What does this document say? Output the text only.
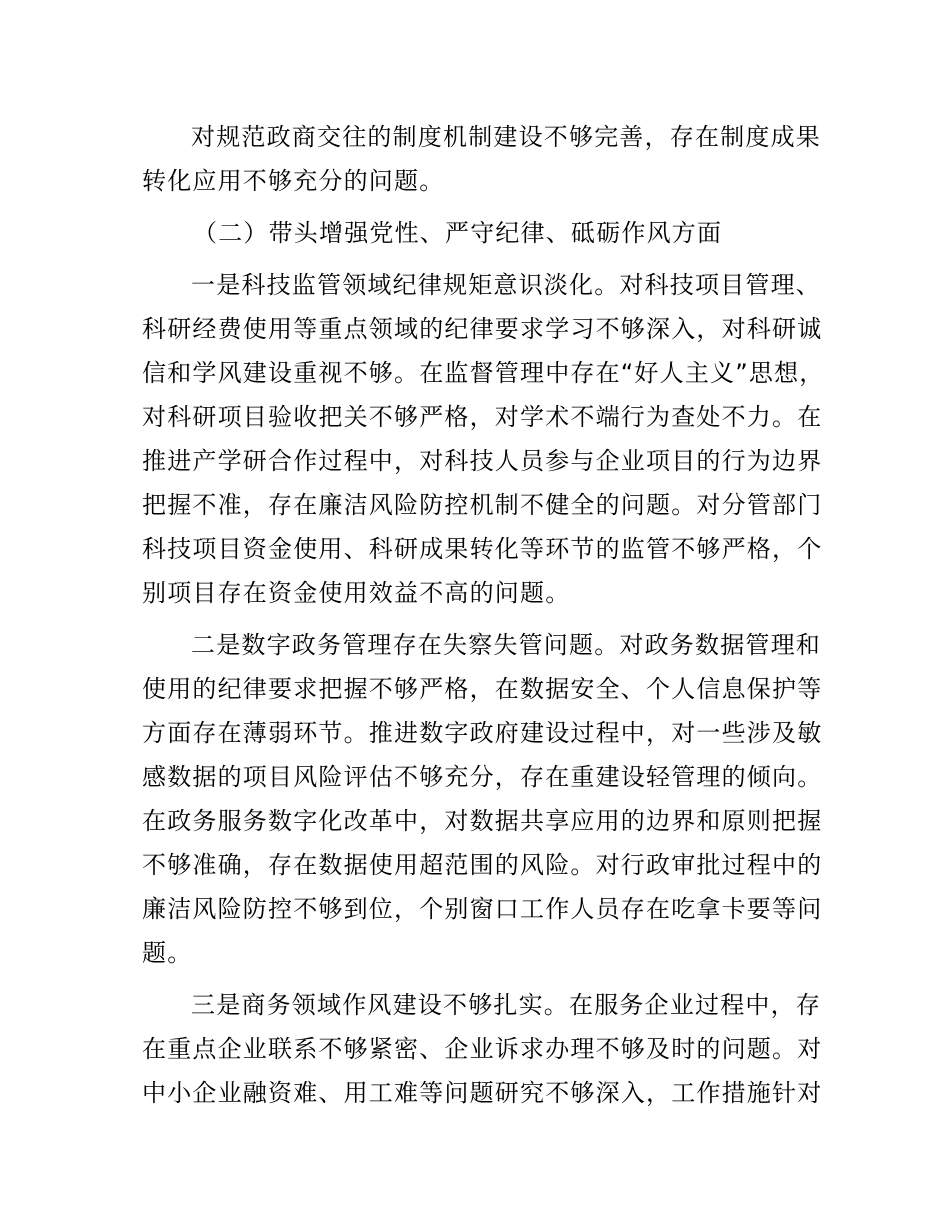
对规范政商交往的制度机制建设不够完善，存在制度成果
转化应用不够充分的问题。
（二）带头增强党性、严守纪律、砥砺作风方面
一是科技监管领域纪律规矩意识淡化。对科技项目管理、
科研经费使用等重点领域的纪律要求学习不够深入，对科研诚
信和学风建设重视不够。在监督管理中存在“好人主义”思想，
对科研项目验收把关不够严格，对学术不端行为查处不力。在
推进产学研合作过程中，对科技人员参与企业项目的行为边界
把握不准，存在廉洁风险防控机制不健全的问题。对分管部门
科技项目资金使用、科研成果转化等环节的监管不够严格，个
别项目存在资金使用效益不高的问题。
二是数字政务管理存在失察失管问题。对政务数据管理和
使用的纪律要求把握不够严格，在数据安全、个人信息保护等
方面存在薄弱环节。推进数字政府建设过程中，对一些涉及敏
感数据的项目风险评估不够充分，存在重建设轻管理的倾向。
在政务服务数字化改革中，对数据共享应用的边界和原则把握
不够准确，存在数据使用超范围的风险。对行政审批过程中的
廉洁风险防控不够到位，个别窗口工作人员存在吃拿卡要等问
题。
三是商务领域作风建设不够扎实。在服务企业过程中，存
在重点企业联系不够紧密、企业诉求办理不够及时的问题。对
中小企业融资难、用工难等问题研究不够深入，工作措施针对
